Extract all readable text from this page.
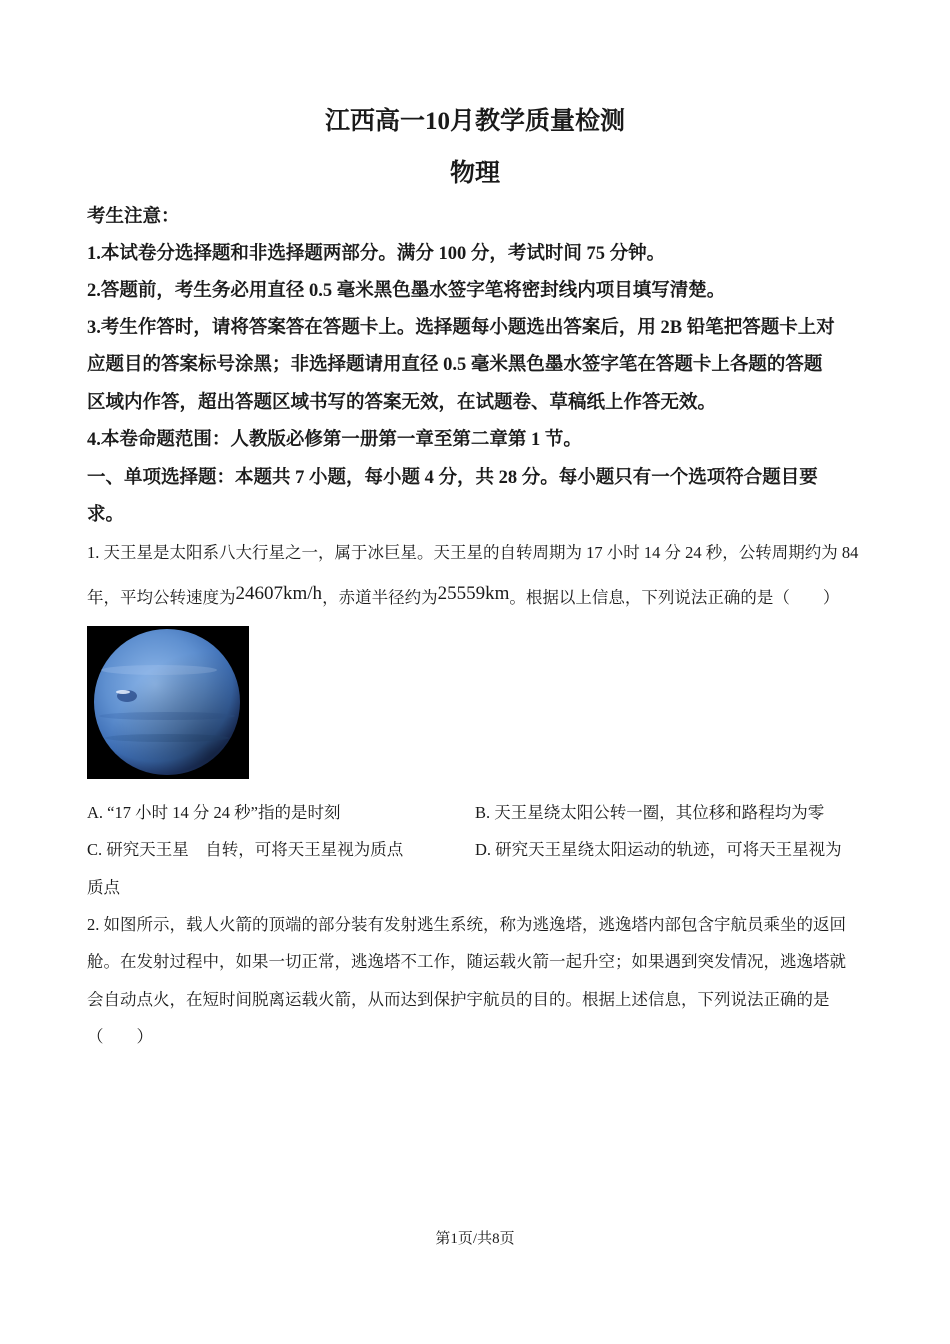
江西高一10月教学质量检测
物理
考生注意：
1.本试卷分选择题和非选择题两部分。满分 100 分，考试时间 75 分钟。
2.答题前，考生务必用直径 0.5 毫米黑色墨水签字笔将密封线内项目填写清楚。
3.考生作答时，请将答案答在答题卡上。选择题每小题选出答案后，用 2B 铅笔把答题卡上对
应题目的答案标号涂黑；非选择题请用直径 0.5 毫米黑色墨水签字笔在答题卡上各题的答题
区域内作答，超出答题区域书写的答案无效，在试题卷、草稿纸上作答无效。
4.本卷命题范围：人教版必修第一册第一章至第二章第 1 节。
一、单项选择题：本题共 7 小题，每小题 4 分，共 28 分。每小题只有一个选项符合题目要
求。
1. 天王星是太阳系八大行星之一，属于冰巨星。天王星的自转周期为 17 小时 14 分 24 秒，公转周期约为 84
年，平均公转速度为24607km/h，赤道半径约为25559km。根据以上信息，下列说法正确的是（　　）
A. “17 小时 14 分 24 秒”指的是时刻	B. 天王星绕太阳公转一圈，其位移和路程均为零
C. 研究天王星　自转，可将天王星视为质点	D. 研究天王星绕太阳运动的轨迹，可将天王星视为
质点
2. 如图所示，载人火箭的顶端的部分装有发射逃生系统，称为逃逸塔，逃逸塔内部包含宇航员乘坐的返回
舱。在发射过程中，如果一切正常，逃逸塔不工作，随运载火箭一起升空；如果遇到突发情况，逃逸塔就
会自动点火，在短时间脱离运载火箭，从而达到保护宇航员的目的。根据上述信息，下列说法正确的是
（　　）
第1页/共8页
